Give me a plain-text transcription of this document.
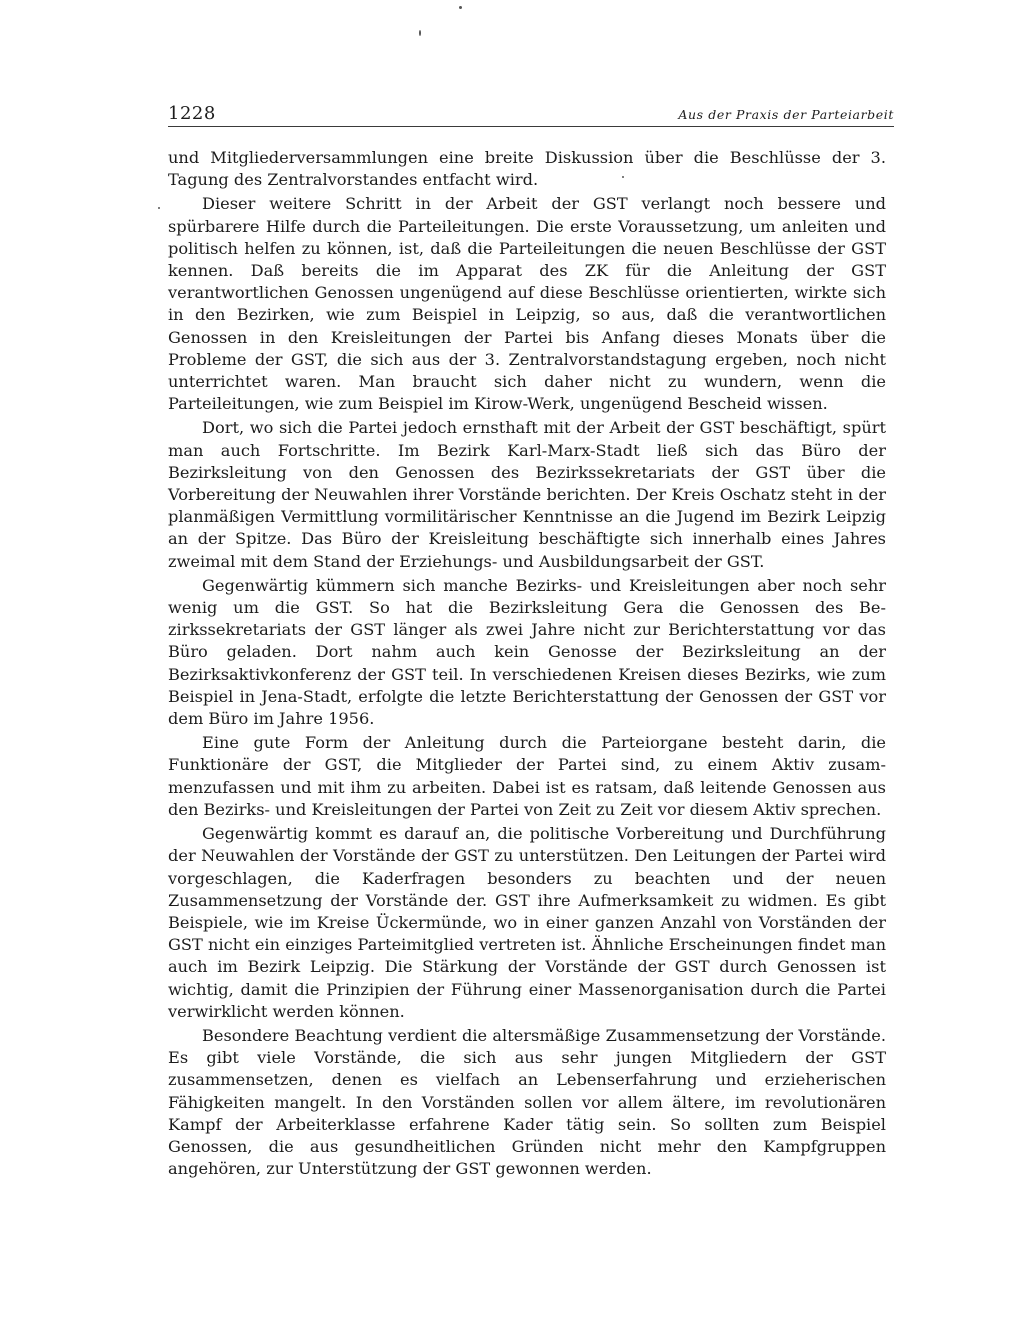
1228	Aus der Praxis der Parteiarbeit

und Mitgliederversammlungen eine breite Diskussion über die Beschlüsse der 3. Tagung des Zentralvorstandes entfacht wird.

Dieser weitere Schritt in der Arbeit der GST verlangt noch bessere und spürbarere Hilfe durch die Parteileitungen. Die erste Voraussetzung, um anleiten und politisch helfen zu können, ist, daß die Parteileitungen die neuen Beschlüsse der GST kennen. Daß bereits die im Apparat des ZK für die Anleitung der GST verantwortlichen Genossen ungenügend auf diese Beschlüsse orientierten, wirkte sich in den Bezirken, wie zum Beispiel in Leipzig, so aus, daß die verantwortlichen Genossen in den Kreisleitungen der Partei bis Anfang dieses Monats über die Probleme der GST, die sich aus der 3. Zentralvorstandstagung ergeben, noch nicht unterrichtet waren. Man braucht sich daher nicht zu wundern, wenn die Parteileitungen, wie zum Beispiel im Kirow-Werk, ungenügend Bescheid wissen.

Dort, wo sich die Partei jedoch ernsthaft mit der Arbeit der GST beschäftigt, spürt man auch Fortschritte. Im Bezirk Karl-Marx-Stadt ließ sich das Büro der Bezirksleitung von den Genossen des Bezirkssekretariats der GST über die Vorbereitung der Neuwahlen ihrer Vorstände berichten. Der Kreis Oschatz steht in der planmäßigen Vermittlung vormilitärischer Kenntnisse an die Jugend im Bezirk Leipzig an der Spitze. Das Büro der Kreisleitung beschäftigte sich innerhalb eines Jahres zweimal mit dem Stand der Erziehungs- und Ausbildungsarbeit der GST.

Gegenwärtig kümmern sich manche Bezirks- und Kreisleitungen aber noch sehr wenig um die GST. So hat die Bezirksleitung Gera die Genossen des Bezirkssekretariats der GST länger als zwei Jahre nicht zur Berichterstattung vor das Büro geladen. Dort nahm auch kein Genosse der Bezirksleitung an der Bezirksaktivkonferenz der GST teil. In verschiedenen Kreisen dieses Bezirks, wie zum Beispiel in Jena-Stadt, erfolgte die letzte Berichterstattung der Genossen der GST vor dem Büro im Jahre 1956.

Eine gute Form der Anleitung durch die Parteiorgane besteht darin, die Funktionäre der GST, die Mitglieder der Partei sind, zu einem Aktiv zusammenzufassen und mit ihm zu arbeiten. Dabei ist es ratsam, daß leitende Genossen aus den Bezirks- und Kreisleitungen der Partei von Zeit zu Zeit vor diesem Aktiv sprechen.

Gegenwärtig kommt es darauf an, die politische Vorbereitung und Durchführung der Neuwahlen der Vorstände der GST zu unterstützen. Den Leitungen der Partei wird vorgeschlagen, die Kaderfragen besonders zu beachten und der neuen Zusammensetzung der Vorstände der. GST ihre Aufmerksamkeit zu widmen. Es gibt Beispiele, wie im Kreise Ückermünde, wo in einer ganzen Anzahl von Vorständen der GST nicht ein einziges Parteimitglied vertreten ist. Ähnliche Erscheinungen findet man auch im Bezirk Leipzig. Die Stärkung der Vorstände der GST durch Genossen ist wichtig, damit die Prinzipien der Führung einer Massenorganisation durch die Partei verwirklicht werden können.

Besondere Beachtung verdient die altersmäßige Zusammensetzung der Vorstände. Es gibt viele Vorstände, die sich aus sehr jungen Mitgliedern der GST zusammensetzen, denen es vielfach an Lebenserfahrung und erzieherischen Fähigkeiten mangelt. In den Vorständen sollen vor allem ältere, im revolutionären Kampf der Arbeiterklasse erfahrene Kader tätig sein. So sollten zum Beispiel Genossen, die aus gesundheitlichen Gründen nicht mehr den Kampfgruppen angehören, zur Unterstützung der GST gewonnen werden.
